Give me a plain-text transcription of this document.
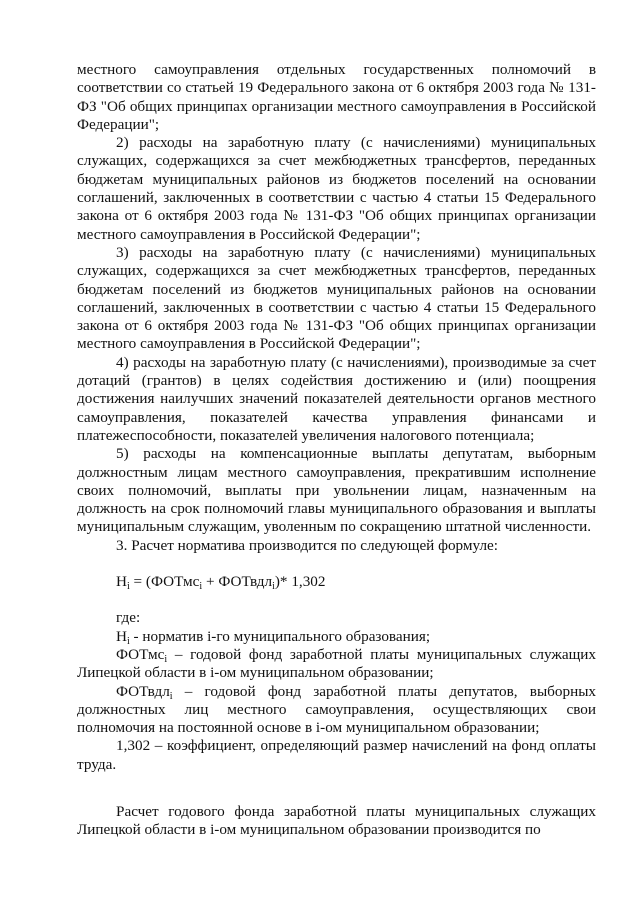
местного самоуправления отдельных государственных полномочий в соответствии со статьей 19 Федерального закона от 6 октября 2003 года № 131-ФЗ "Об общих принципах организации местного самоуправления в Российской Федерации";

2) расходы на заработную плату (с начислениями) муниципальных служащих, содержащихся за счет межбюджетных трансфертов, переданных бюджетам муниципальных районов из бюджетов поселений на основании соглашений, заключенных в соответствии с частью 4 статьи 15 Федерального закона от 6 октября 2003 года № 131-ФЗ "Об общих принципах организации местного самоуправления в Российской Федерации";

3) расходы на заработную плату (с начислениями) муниципальных служащих, содержащихся за счет межбюджетных трансфертов, переданных бюджетам поселений из бюджетов муниципальных районов на основании соглашений, заключенных в соответствии с частью 4 статьи 15 Федерального закона от 6 октября 2003 года № 131-ФЗ "Об общих принципах организации местного самоуправления в Российской Федерации";

4) расходы на заработную плату (с начислениями), производимые за счет дотаций (грантов) в целях содействия достижению и (или) поощрения достижения наилучших значений показателей деятельности органов местного самоуправления, показателей качества управления финансами и платежеспособности, показателей увеличения налогового потенциала;

5) расходы на компенсационные выплаты депутатам, выборным должностным лицам местного самоуправления, прекратившим исполнение своих полномочий, выплаты при увольнении лицам, назначенным на должность на срок полномочий главы муниципального образования и выплаты муниципальным служащим, уволенным по сокращению штатной численности.

3. Расчет норматива производится по следующей формуле:

$Н_i$ = (ФОТмс$_i$ + ФОТвдл$_i$)* 1,302

где:

$Н_i$ - норматив i-го муниципального образования;

ФОТмс$_i$ – годовой фонд заработной платы муниципальных служащих Липецкой области в i-ом муниципальном образовании;

ФОТвдл$_i$ – годовой фонд заработной платы депутатов, выборных должностных лиц местного самоуправления, осуществляющих свои полномочия на постоянной основе в i-ом муниципальном образовании;

1,302 – коэффициент, определяющий размер начислений на фонд оплаты труда.

Расчет годового фонда заработной платы муниципальных служащих Липецкой области в i-ом муниципальном образовании производится по
